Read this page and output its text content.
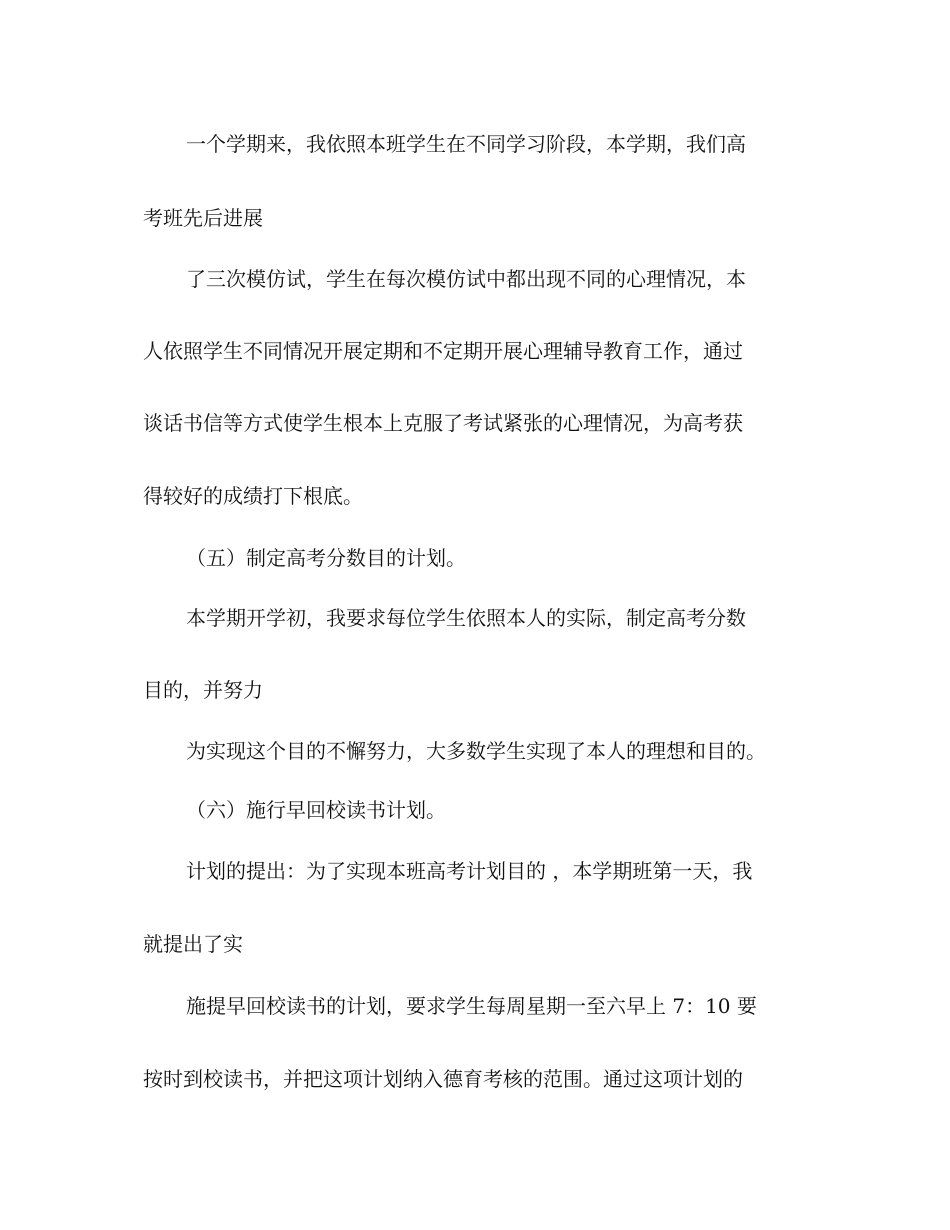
一个学期来，我依照本班学生在不同学习阶段，本学期，我们高
考班先后进展
了三次模仿试，学生在每次模仿试中都出现不同的心理情况，本
人依照学生不同情况开展定期和不定期开展心理辅导教育工作，通过
谈话书信等方式使学生根本上克服了考试紧张的心理情况，为高考获
得较好的成绩打下根底。
（五）制定高考分数目的计划。
本学期开学初，我要求每位学生依照本人的实际，制定高考分数
目的，并努力
为实现这个目的不懈努力，大多数学生实现了本人的理想和目的。
（六）施行早回校读书计划。
计划的提出：为了实现本班高考计划目的 ，本学期班第一天，我
就提出了实
施提早回校读书的计划，要求学生每周星期一至六早上 7：10 要
按时到校读书，并把这项计划纳入德育考核的范围。通过这项计划的
